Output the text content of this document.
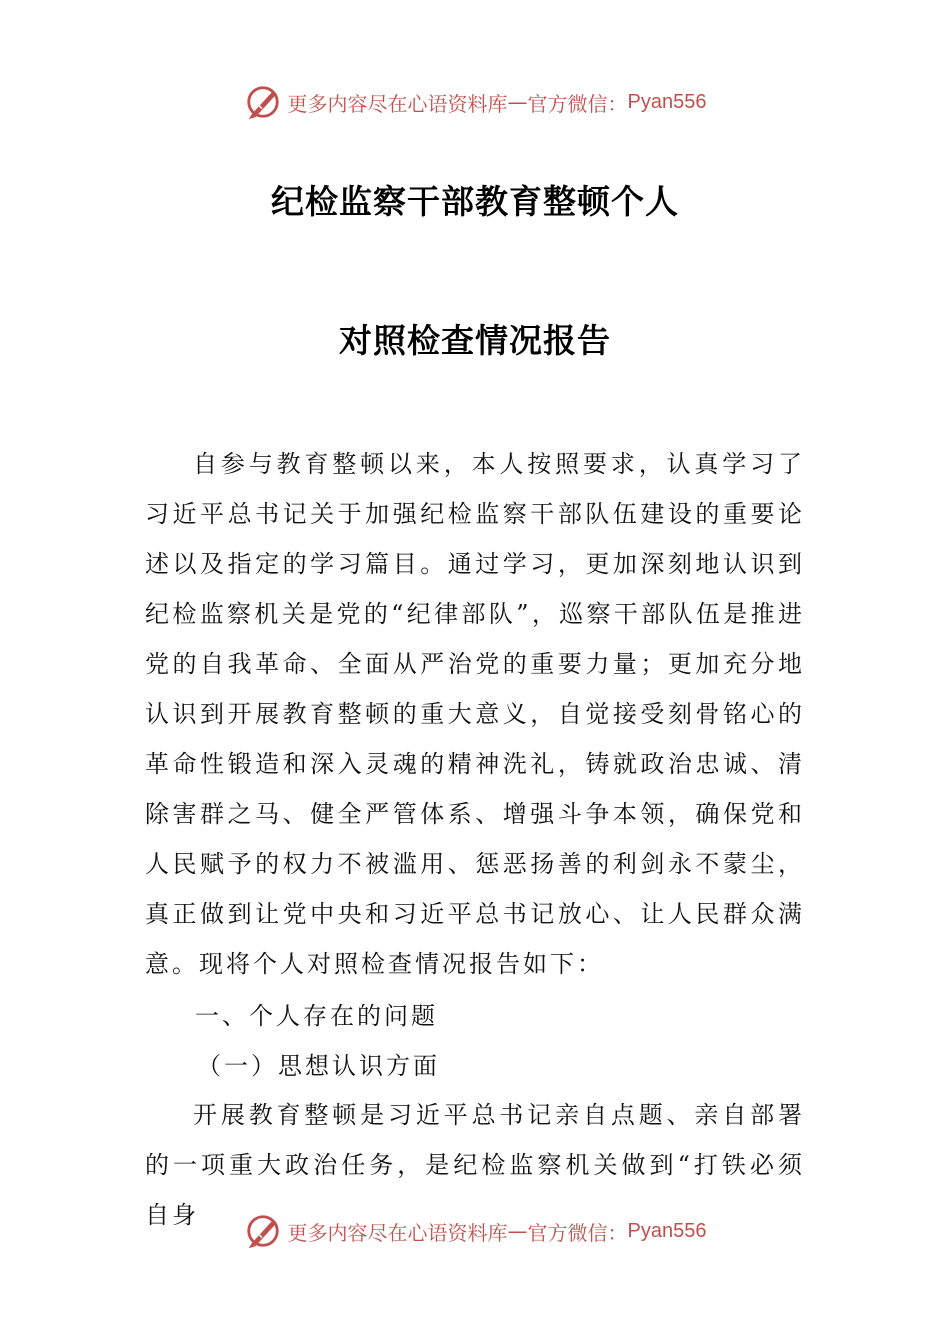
更多内容尽在心语资料库 — 官方微信： Pyan556
纪检监察干部教育整顿个人
对照检查情况报告

自参与教育整顿以来，本人按照要求，认真学习了习近平总书记关于加强纪检监察干部队伍建设的重要论述以及指定的学习篇目。通过学习，更加深刻地认识到纪检监察机关是党的“纪律部队”，巡察干部队伍是推进党的自我革命、全面从严治党的重要力量；更加充分地认识到开展教育整顿的重大意义，自觉接受刻骨铭心的革命性锻造和深入灵魂的精神洗礼，铸就政治忠诚、清除害群之马、健全严管体系、增强斗争本领，确保党和人民赋予的权力不被滥用、惩恶扬善的利剑永不蒙尘，真正做到让党中央和习近平总书记放心、让人民群众满意。现将个人对照检查情况报告如下：

一、个人存在的问题
（一）思想认识方面

开展教育整顿是习近平总书记亲自点题、亲自部署的一项重大政治任务，是纪检监察机关做到“打铁必须自身

更多内容尽在心语资料库 — 官方微信： Pyan556
